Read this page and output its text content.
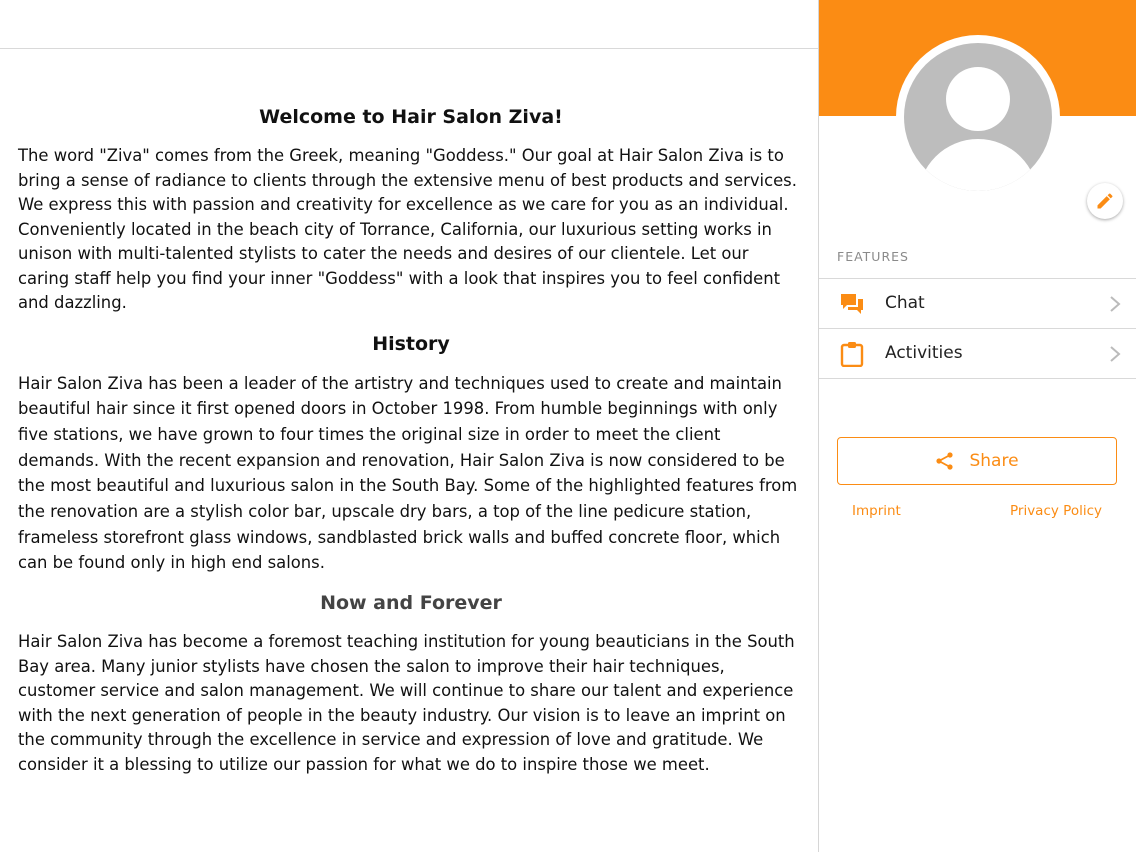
Welcome to Hair Salon Ziva!

The word "Ziva" comes from the Greek, meaning "Goddess." Our goal at Hair Salon Ziva is to bring a sense of radiance to clients through the extensive menu of best products and services. We express this with passion and creativity for excellence as we care for you as an individual. Conveniently located in the beach city of Torrance, California, our luxurious setting works in unison with multi-talented stylists to cater the needs and desires of our clientele. Let our caring staff help you find your inner "Goddess" with a look that inspires you to feel confident and dazzling.

History

Hair Salon Ziva has been a leader of the artistry and techniques used to create and maintain beautiful hair since it first opened doors in October 1998. From humble beginnings with only five stations, we have grown to four times the original size in order to meet the client demands. With the recent expansion and renovation, Hair Salon Ziva is now considered to be the most beautiful and luxurious salon in the South Bay. Some of the highlighted features from the renovation are a stylish color bar, upscale dry bars, a top of the line pedicure station, frameless storefront glass windows, sandblasted brick walls and buffed concrete floor, which can be found only in high end salons.

Now and Forever

Hair Salon Ziva has become a foremost teaching institution for young beauticians in the South Bay area. Many junior stylists have chosen the salon to improve their hair techniques, customer service and salon management. We will continue to share our talent and experience with the next generation of people in the beauty industry. Our vision is to leave an imprint on the community through the excellence in service and expression of love and gratitude. We consider it a blessing to utilize our passion for what we do to inspire those we meet.

FEATURES
Chat
Activities
Share
Imprint	Privacy Policy
